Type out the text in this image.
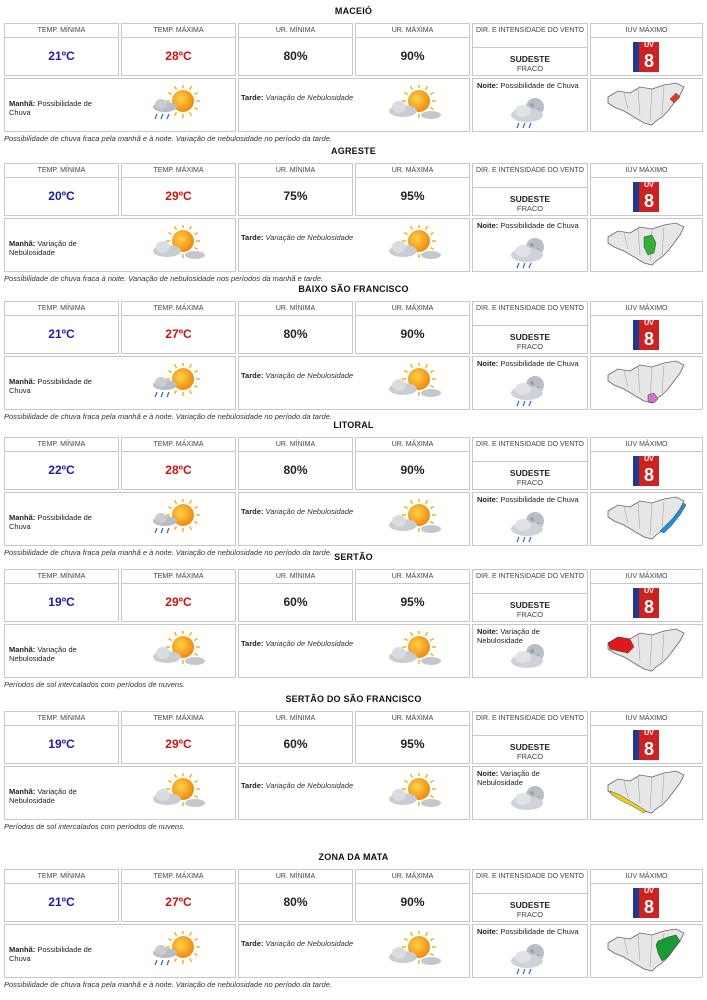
MACEIÓ
TEMP. MÍNIMA
21ºC
TEMP. MÁXIMA
28ºC
UR. MÍNIMA
80%
UR. MÁXIMA
90%
DIR. E INTENSIDADE DO VENTO
SUDESTE
FRACO
IUV MÁXIMO
UV
8
Manhã: Possibilidade de Chuva
Tarde: Variação de Nebulosidade
Noite: Possibilidade de Chuva
Possibilidade de chuva fraca pela manhã e à noite. Variação de nebulosidade no período da tarde.
AGRESTE
TEMP. MÍNIMA
20ºC
TEMP. MÁXIMA
29ºC
UR. MÍNIMA
75%
UR. MÁXIMA
95%
DIR. E INTENSIDADE DO VENTO
SUDESTE
FRACO
IUV MÁXIMO
UV
8
Manhã: Variação de Nebulosidade
Tarde: Variação de Nebulosidade
Noite: Possibilidade de Chuva
Possibilidade de chuva fraca à noite. Variação de nebulosidade nos períodos da manhã e tarde.
BAIXO SÃO FRANCISCO
TEMP. MÍNIMA
21ºC
TEMP. MÁXIMA
27ºC
UR. MÍNIMA
80%
UR. MÁXIMA
90%
DIR. E INTENSIDADE DO VENTO
SUDESTE
FRACO
IUV MÁXIMO
UV
8
Manhã: Possibilidade de Chuva
Tarde: Variação de Nebulosidade
Noite: Possibilidade de Chuva
Possibilidade de chuva fraca pela manhã e à noite. Variação de nebulosidade no período da tarde.
LITORAL
TEMP. MÍNIMA
22ºC
TEMP. MÁXIMA
28ºC
UR. MÍNIMA
80%
UR. MÁXIMA
90%
DIR. E INTENSIDADE DO VENTO
SUDESTE
FRACO
IUV MÁXIMO
UV
8
Manhã: Possibilidade de Chuva
Tarde: Variação de Nebulosidade
Noite: Possibilidade de Chuva
Possibilidade de chuva fraca pela manhã e à noite. Variação de nebulosidade no período da tarde. SERTÃO
TEMP. MÍNIMA
19ºC
TEMP. MÁXIMA
29ºC
UR. MÍNIMA
60%
UR. MÁXIMA
95%
DIR. E INTENSIDADE DO VENTO
SUDESTE
FRACO
IUV MÁXIMO
UV
8
Manhã: Variação de Nebulosidade
Tarde: Variação de Nebulosidade
Noite: Variação de Nebulosidade
Períodos de sol intercalados com períodos de nuvens.
SERTÃO DO SÃO FRANCISCO
TEMP. MÍNIMA
19ºC
TEMP. MÁXIMA
29ºC
UR. MÍNIMA
60%
UR. MÁXIMA
95%
DIR. E INTENSIDADE DO VENTO
SUDESTE
FRACO
IUV MÁXIMO
UV
8
Manhã: Variação de Nebulosidade
Tarde: Variação de Nebulosidade
Noite: Variação de Nebulosidade
Períodos de sol intercalados com períodos de nuvens.
ZONA DA MATA
TEMP. MÍNIMA
21ºC
TEMP. MÁXIMA
27ºC
UR. MÍNIMA
80%
UR. MÁXIMA
90%
DIR. E INTENSIDADE DO VENTO
SUDESTE
FRACO
IUV MÁXIMO
UV
8
Manhã: Possibilidade de Chuva
Tarde: Variação de Nebulosidade
Noite: Possibilidade de Chuva
Possibilidade de chuva fraca pela manhã e à noite. Variação de nebulosidade no período da tarde.
